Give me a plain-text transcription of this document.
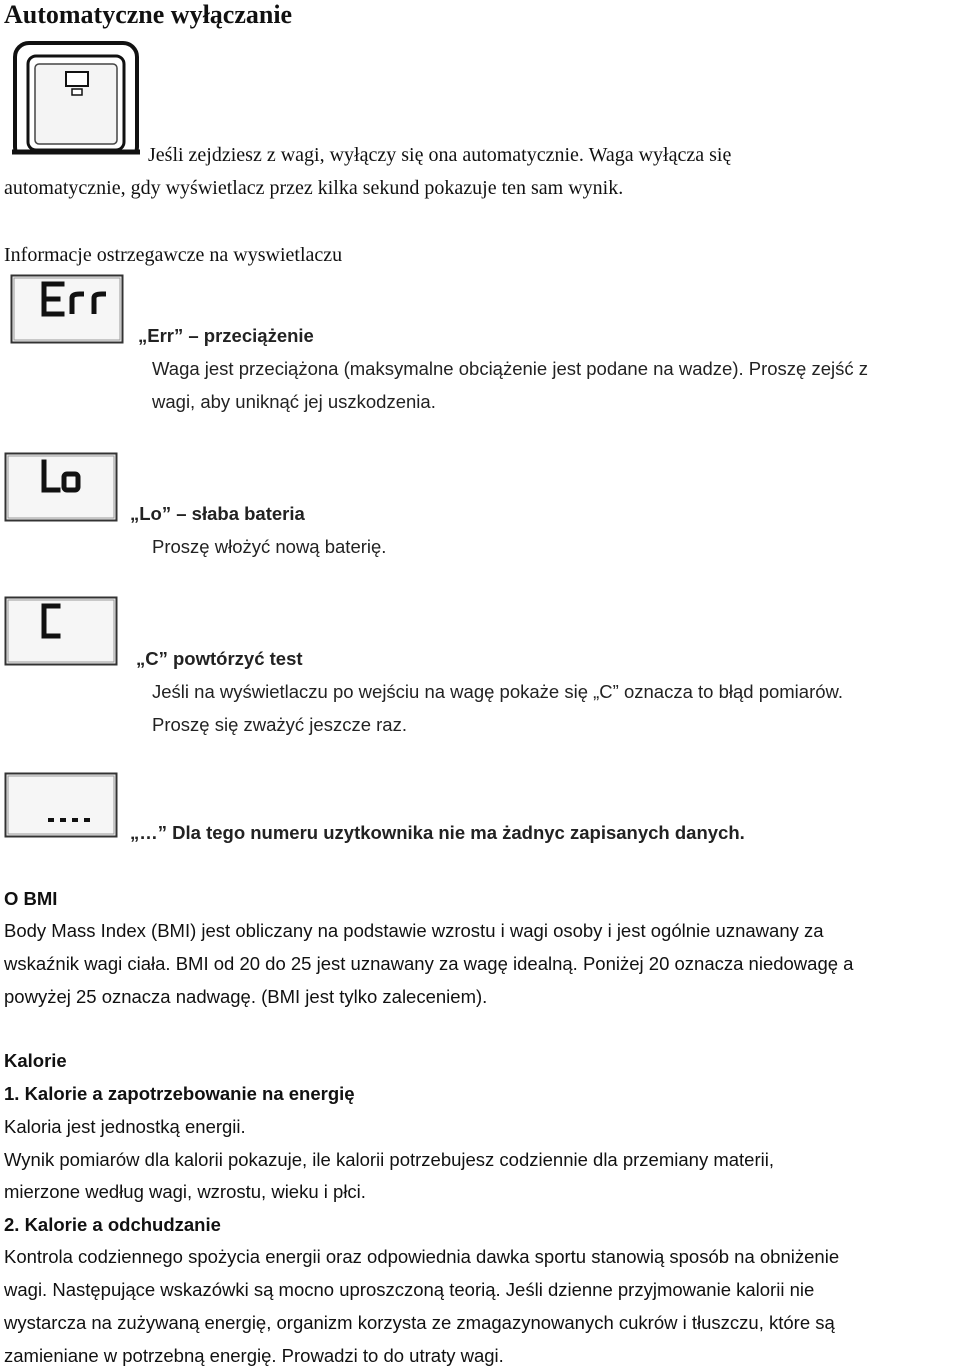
Automatyczne wyłączanie
Jeśli zejdziesz z wagi, wyłączy się ona automatycznie. Waga wyłącza się
automatycznie, gdy wyświetlacz przez kilka sekund pokazuje ten sam wynik.
Informacje ostrzegawcze na wyswietlaczu
„Err” – przeciążenie
Waga jest przeciążona (maksymalne obciążenie jest podane na wadze). Proszę zejść z
wagi, aby uniknąć jej uszkodzenia.
„Lo” – słaba bateria
Proszę włożyć nową baterię.
„C” powtórzyć test
Jeśli na wyświetlaczu po wejściu na wagę pokaże się „C” oznacza to błąd pomiarów.
Proszę się zważyć jeszcze raz.
„…” Dla tego numeru uzytkownika nie ma żadnyc zapisanych danych.
O BMI
Body Mass Index (BMI) jest obliczany na podstawie wzrostu i wagi osoby i jest ogólnie uznawany za
wskaźnik wagi ciała. BMI od 20 do 25 jest uznawany za wagę idealną. Poniżej 20 oznacza niedowagę a
powyżej 25 oznacza nadwagę. (BMI jest tylko zaleceniem).
Kalorie
1. Kalorie a zapotrzebowanie na energię
Kaloria jest jednostką energii.
Wynik pomiarów dla kalorii pokazuje, ile kalorii potrzebujesz codziennie dla przemiany materii,
mierzone według wagi, wzrostu, wieku i płci.
2. Kalorie a odchudzanie
Kontrola codziennego spożycia energii oraz odpowiednia dawka sportu stanowią sposób na obniżenie
wagi. Następujące wskazówki są mocno uproszczoną teorią. Jeśli dzienne przyjmowanie kalorii nie
wystarcza na zużywaną energię, organizm korzysta ze zmagazynowanych cukrów i tłuszczu, które są
zamieniane w potrzebną energię. Prowadzi to do utraty wagi.
